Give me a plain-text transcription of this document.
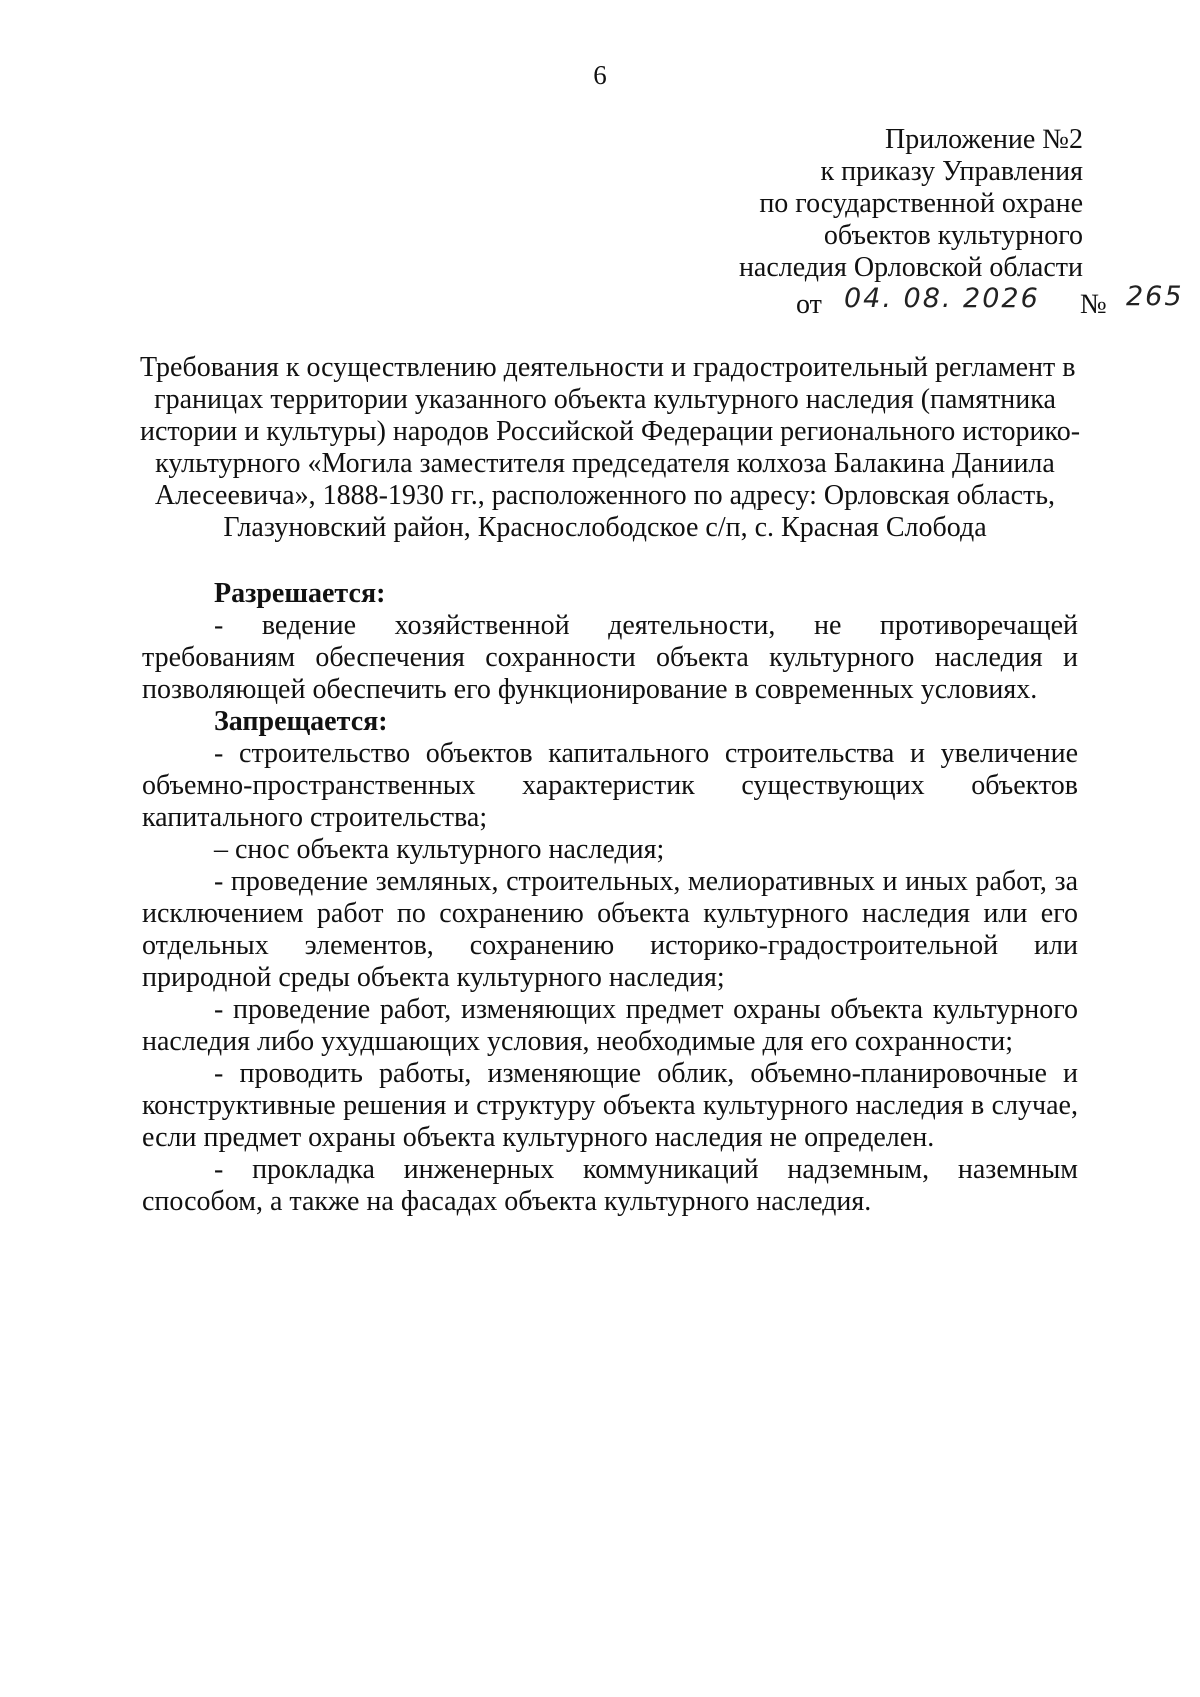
6
Приложение №2
к приказу Управления
по государственной охране
объектов культурного
наследия Орловской области
от 04. 08. 2026 № 265
Требования к осуществлению деятельности и градостроительный регламент в
границах территории указанного объекта культурного наследия (памятника
истории и культуры) народов Российской Федерации регионального историко-
культурного «Могила заместителя председателя колхоза Балакина Даниила
Алесеевича», 1888-1930 гг., расположенного по адресу: Орловская область,
Глазуновский район, Краснослободское с/п, с. Красная Слобода
Разрешается:

- ведение хозяйственной деятельности, не противоречащей требованиям обеспечения сохранности объекта культурного наследия и позволяющей обеспечить его функционирование в современных условиях.

Запрещается:

- строительство объектов капитального строительства и увеличение объемно-пространственных характеристик существующих объектов капитального строительства;

– снос объекта культурного наследия;

- проведение земляных, строительных, мелиоративных и иных работ, за исключением работ по сохранению объекта культурного наследия или его отдельных элементов, сохранению историко-градостроительной или природной среды объекта культурного наследия;

- проведение работ, изменяющих предмет охраны объекта культурного наследия либо ухудшающих условия, необходимые для его сохранности;

- проводить работы, изменяющие облик, объемно-планировочные и конструктивные решения и структуру объекта культурного наследия в случае, если предмет охраны объекта культурного наследия не определен.

- прокладка инженерных коммуникаций надземным, наземным способом, а также на фасадах объекта культурного наследия.
